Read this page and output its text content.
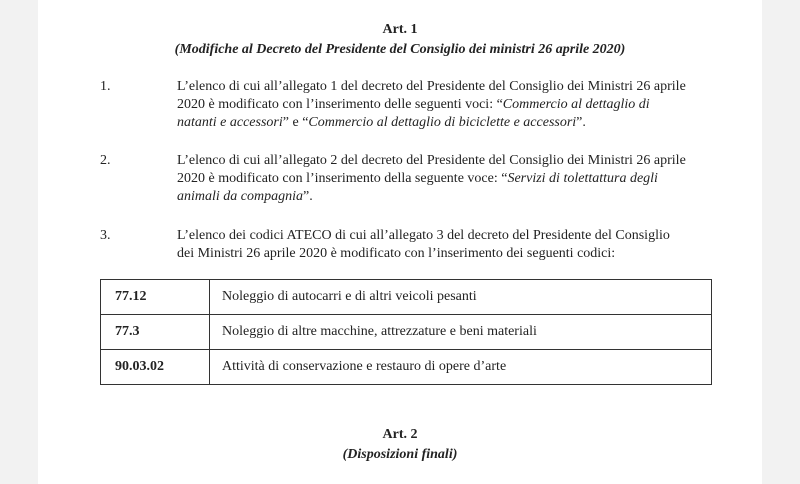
Art. 1
(Modifiche al Decreto del Presidente del Consiglio dei ministri 26 aprile 2020)
1.	L’elenco di cui all’allegato 1 del decreto del Presidente del Consiglio dei Ministri 26 aprile
2020 è modificato con l’inserimento delle seguenti voci: “Commercio al dettaglio di
natanti e accessori” e “Commercio al dettaglio di biciclette e accessori”.
2.	L’elenco di cui all’allegato 2 del decreto del Presidente del Consiglio dei Ministri 26 aprile
2020 è modificato con l’inserimento della seguente voce: “Servizi di tolettattura degli
animali da compagnia”.
3.	L’elenco dei codici ATECO di cui all’allegato 3 del decreto del Presidente del Consiglio
dei Ministri 26 aprile 2020 è modificato con l’inserimento dei seguenti codici:
77.12	Noleggio di autocarri e di altri veicoli pesanti
77.3	Noleggio di altre macchine, attrezzature e beni materiali
90.03.02	Attività di conservazione e restauro di opere d’arte
Art. 2
(Disposizioni finali)
